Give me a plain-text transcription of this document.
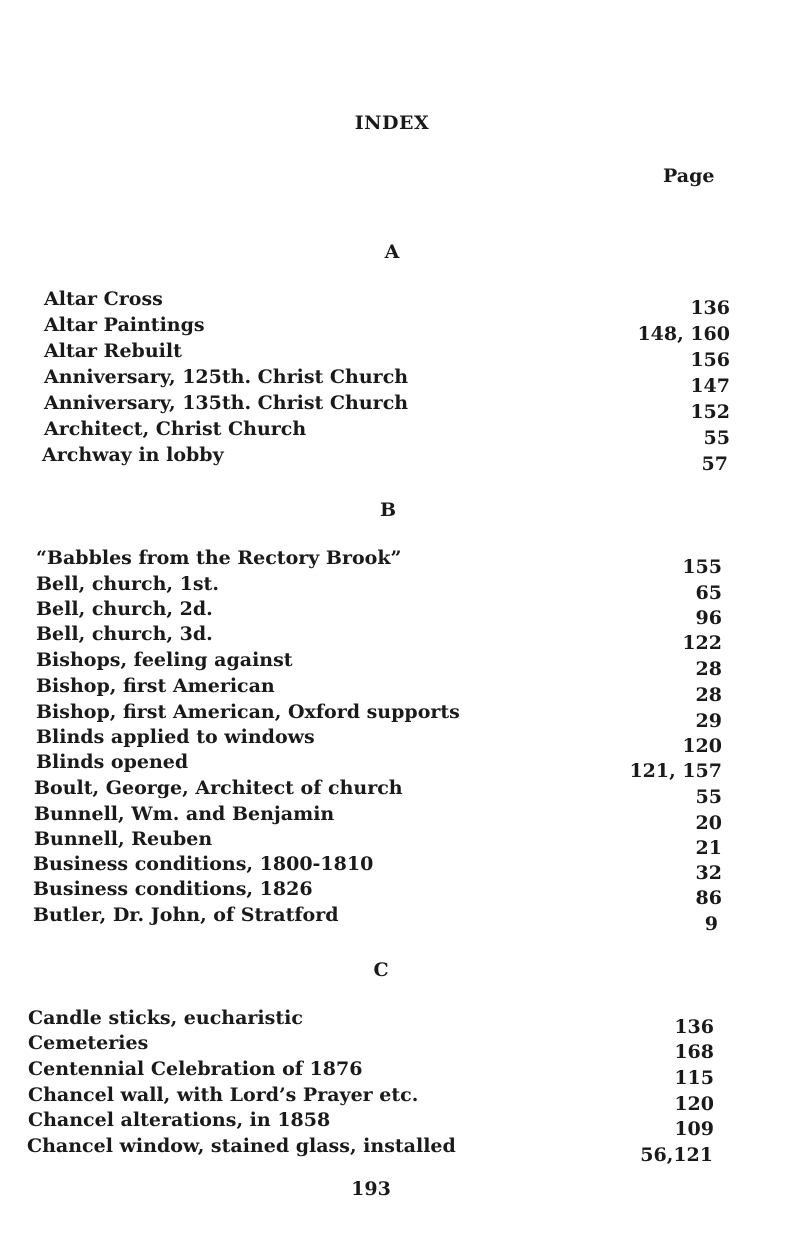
INDEX
Page
A
Altar Cross	136
Altar Paintings	148, 160
Altar Rebuilt	156
Anniversary, 125th. Christ Church	147
Anniversary, 135th. Christ Church	152
Architect, Christ Church	55
Archway in lobby	57
B
“Babbles from the Rectory Brook”	155
Bell, church, 1st.	65
Bell, church, 2d.	96
Bell, church, 3d.	122
Bishops, feeling against	28
Bishop, first American	28
Bishop, first American, Oxford supports	29
Blinds applied to windows	120
Blinds opened	121, 157
Boult, George, Architect of church	55
Bunnell, Wm. and Benjamin	20
Bunnell, Reuben	21
Business conditions, 1800-1810	32
Business conditions, 1826	86
Butler, Dr. John, of Stratford	9
C
Candle sticks, eucharistic	136
Cemeteries	168
Centennial Celebration of 1876	115
Chancel wall, with Lord’s Prayer etc.	120
Chancel alterations, in 1858	109
Chancel window, stained glass, installed	56,121
193
